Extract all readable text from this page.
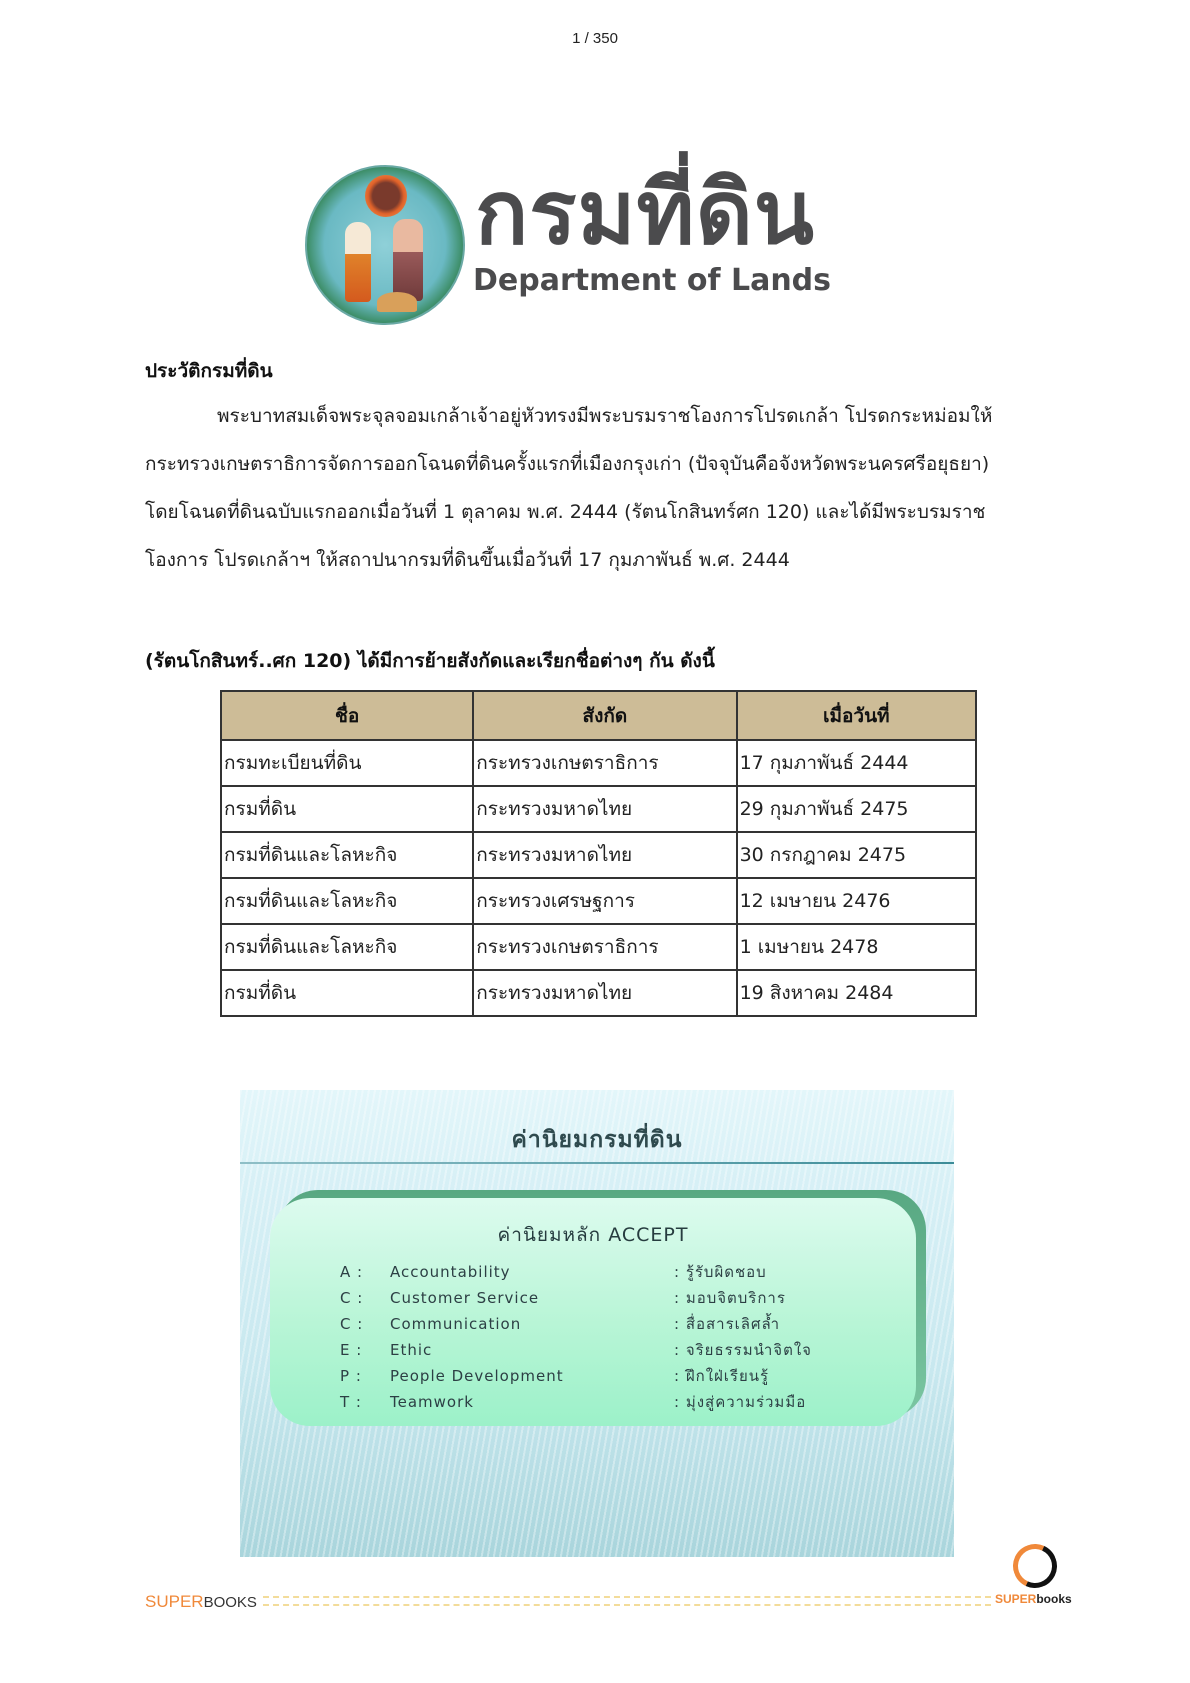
1 / 350
กรมที่ดิน
Department of Lands
ประวัติกรมที่ดิน
พระบาทสมเด็จพระจุลจอมเกล้าเจ้าอยู่หัวทรงมีพระบรมราชโองการโปรดเกล้า โปรดกระหม่อมให้
กระทรวงเกษตราธิการจัดการออกโฉนดที่ดินครั้งแรกที่เมืองกรุงเก่า (ปัจจุบันคือจังหวัดพระนครศรีอยุธยา)
โดยโฉนดที่ดินฉบับแรกออกเมื่อวันที่ 1 ตุลาคม พ.ศ. 2444 (รัตนโกสินทร์ศก 120) และได้มีพระบรมราช
โองการ โปรดเกล้าฯ ให้สถาปนากรมที่ดินขึ้นเมื่อวันที่ 17 กุมภาพันธ์ พ.ศ. 2444
(รัตนโกสินทร์..ศก 120) ได้มีการย้ายสังกัดและเรียกชื่อต่างๆ กัน ดังนี้
ชื่อ	สังกัด	เมื่อวันที่
กรมทะเบียนที่ดิน	กระทรวงเกษตราธิการ	17 กุมภาพันธ์ 2444
กรมที่ดิน	กระทรวงมหาดไทย	29 กุมภาพันธ์ 2475
กรมที่ดินและโลหะกิจ	กระทรวงมหาดไทย	30 กรกฎาคม 2475
กรมที่ดินและโลหะกิจ	กระทรวงเศรษฐการ	12 เมษายน 2476
กรมที่ดินและโลหะกิจ	กระทรวงเกษตราธิการ	1 เมษายน 2478
กรมที่ดิน	กระทรวงมหาดไทย	19 สิงหาคม 2484
ค่านิยมกรมที่ดิน
ค่านิยมหลัก ACCEPT
A : Accountability	: รู้รับผิดชอบ
C : Customer Service	: มอบจิตบริการ
C : Communication	: สื่อสารเลิศล้ำ
E : Ethic	: จริยธรรมนำจิตใจ
P : People Development	: ฝึกใฝ่เรียนรู้
T : Teamwork	: มุ่งสู่ความร่วมมือ
SUPERBOOKS	SUPERbooks
